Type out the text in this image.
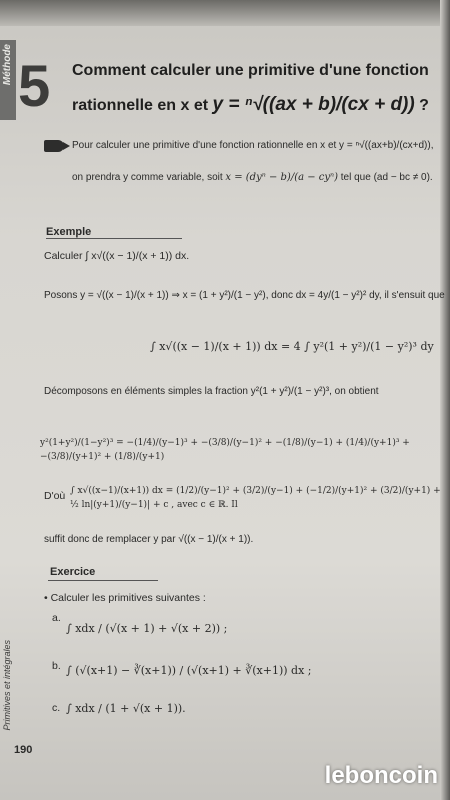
Méthode 5 Comment calculer une primitive d'une fonction
rationnelle en x et y = ⁿ√((ax + b)/(cx + d)) ?
Pour calculer une primitive d'une fonction rationnelle en x et y = ⁿ√((ax+b)/(cx+d)),
on prendra y comme variable, soit x = (dyⁿ − b)/(a − cyⁿ) tel que (ad − bc ≠ 0).
Exemple
Calculer ∫ x√((x − 1)/(x + 1)) dx.
Posons y = √((x − 1)/(x + 1)) ⇒ x = (1 + y²)/(1 − y²), donc dx = 4y/(1 − y²)² dy, il s'ensuit que
∫ x√((x − 1)/(x + 1)) dx = 4 ∫ y²(1 + y²)/(1 − y²)³ dy
Décomposons en éléments simples la fraction y²(1 + y²)/(1 − y²)³, on obtient
y²(1+y²)/(1−y²)³ = −(1/4)/(y−1)³ + −(3/8)/(y−1)² + −(1/8)/(y−1) + (1/4)/(y+1)³ + −(3/8)/(y+1)² + (1/8)/(y+1)
D'où ∫ x√((x−1)/(x+1)) dx = (1/2)/(y−1)² + (3/2)/(y−1) + (−1/2)/(y+1)² + (3/2)/(y+1) + ½ ln|(y+1)/(y−1)| + c , avec c ∈ ℝ. Il
suffit donc de remplacer y par √((x − 1)/(x + 1)).
Exercice
• Calculer les primitives suivantes :
a.
∫ xdx / (√(x + 1) + √(x + 2)) ;
b. ∫ (√(x+1) − ∛(x+1)) / (√(x+1) + ∛(x+1)) dx ;
c. ∫ xdx / (1 + √(x + 1)).
Primitives et intégrales
190
leboncoin
